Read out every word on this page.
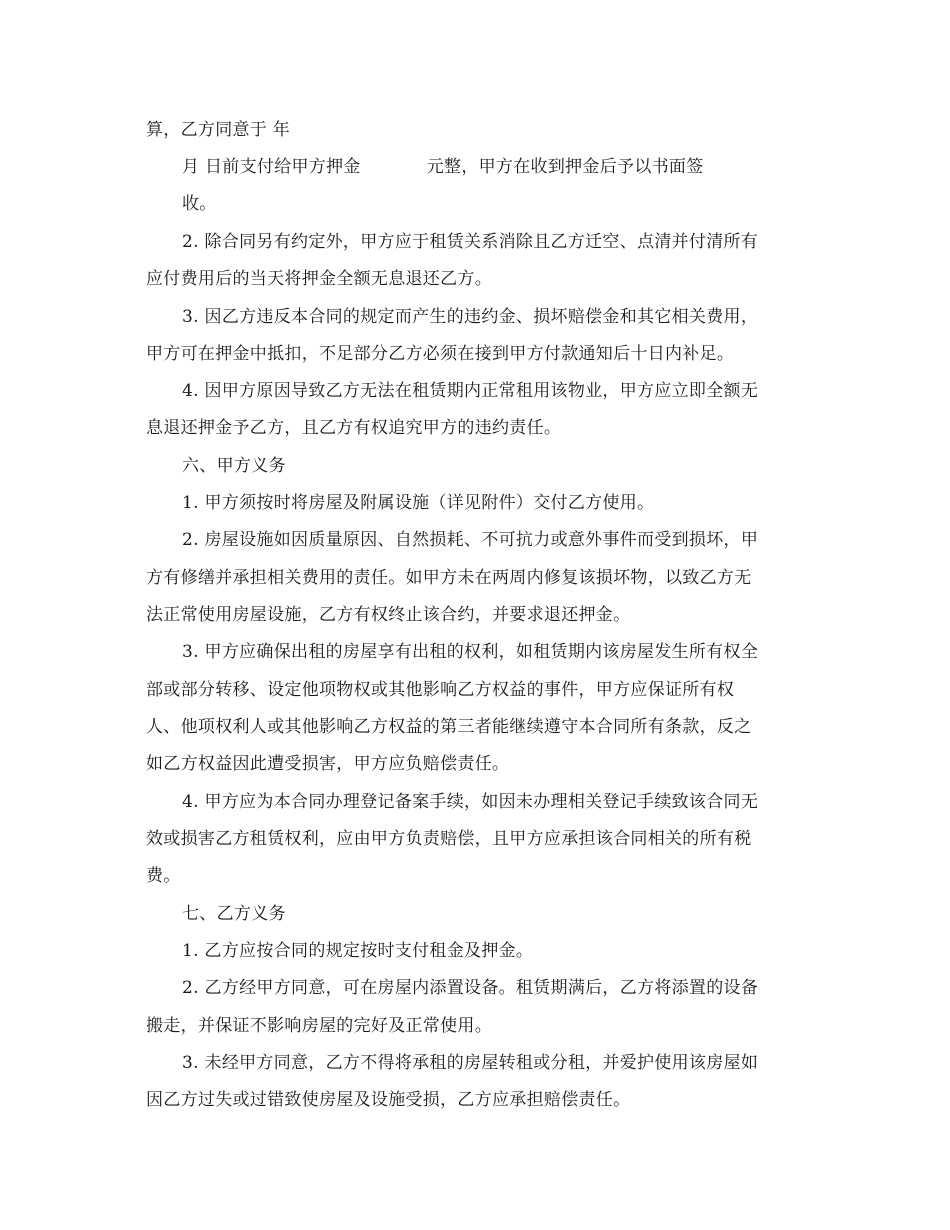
算，乙方同意于 年
月 日前支付给甲方押金	元整，甲方在收到押金后予以书面签
收。
2. 除合同另有约定外，甲方应于租赁关系消除且乙方迁空、点清并付清所有
应付费用后的当天将押金全额无息退还乙方。
3. 因乙方违反本合同的规定而产生的违约金、损坏赔偿金和其它相关费用，
甲方可在押金中抵扣，不足部分乙方必须在接到甲方付款通知后十日内补足。
4. 因甲方原因导致乙方无法在租赁期内正常租用该物业，甲方应立即全额无
息退还押金予乙方，且乙方有权追究甲方的违约责任。
六、甲方义务
1. 甲方须按时将房屋及附属设施（详见附件）交付乙方使用。
2. 房屋设施如因质量原因、自然损耗、不可抗力或意外事件而受到损坏，甲
方有修缮并承担相关费用的责任。如甲方未在两周内修复该损坏物，以致乙方无
法正常使用房屋设施，乙方有权终止该合约，并要求退还押金。
3. 甲方应确保出租的房屋享有出租的权利，如租赁期内该房屋发生所有权全
部或部分转移、设定他项物权或其他影响乙方权益的事件，甲方应保证所有权
人、他项权利人或其他影响乙方权益的第三者能继续遵守本合同所有条款，反之
如乙方权益因此遭受损害，甲方应负赔偿责任。
4. 甲方应为本合同办理登记备案手续，如因未办理相关登记手续致该合同无
效或损害乙方租赁权利，应由甲方负责赔偿，且甲方应承担该合同相关的所有税
费。
七、乙方义务
1. 乙方应按合同的规定按时支付租金及押金。
2. 乙方经甲方同意，可在房屋内添置设备。租赁期满后，乙方将添置的设备
搬走，并保证不影响房屋的完好及正常使用。
3. 未经甲方同意，乙方不得将承租的房屋转租或分租，并爱护使用该房屋如
因乙方过失或过错致使房屋及设施受损，乙方应承担赔偿责任。
